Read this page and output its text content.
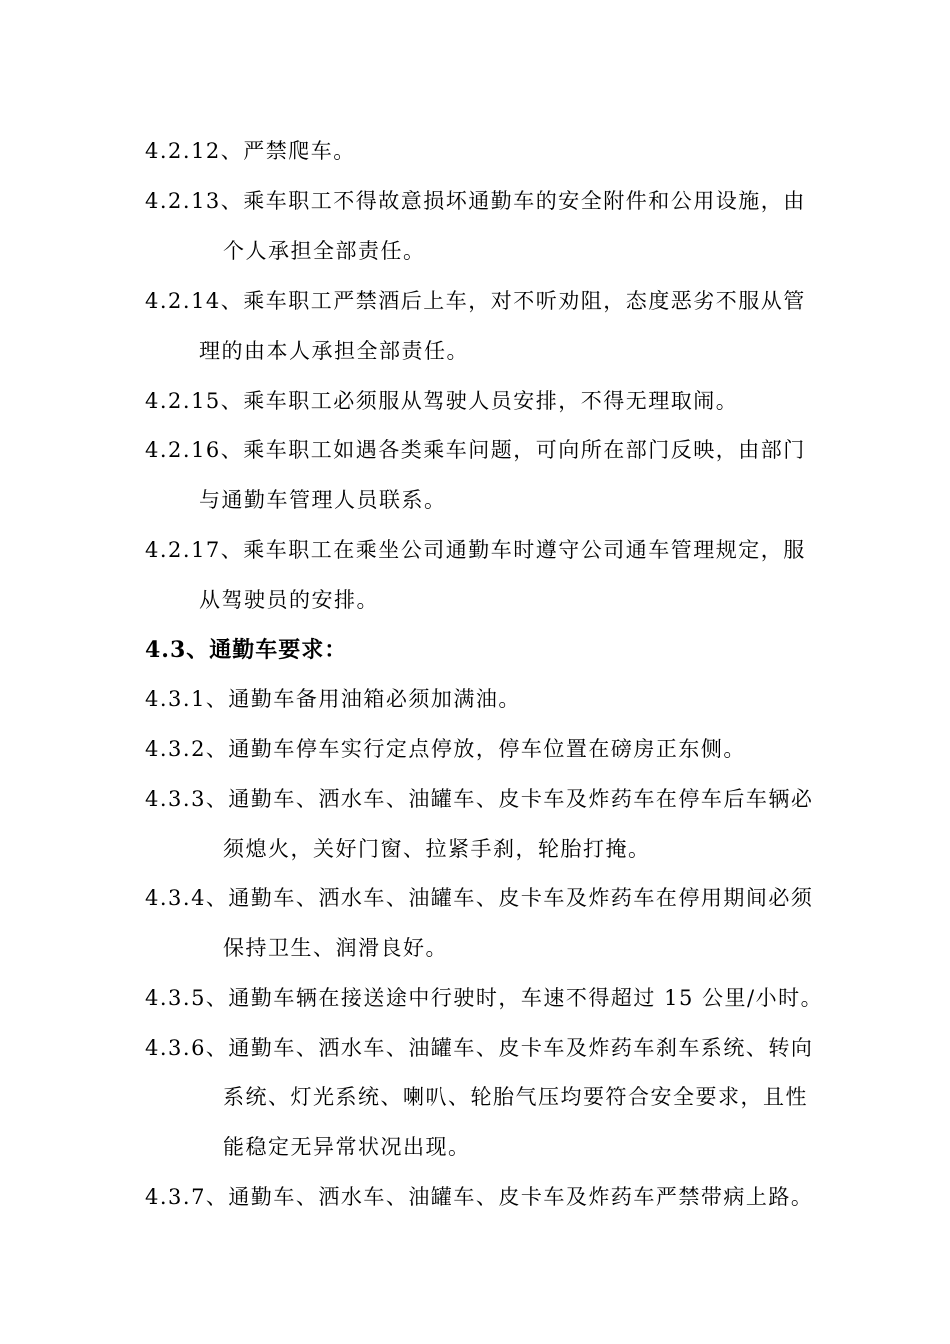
4.2.12、严禁爬车。
4.2.13、乘车职工不得故意损坏通勤车的安全附件和公用设施，由
个人承担全部责任。
4.2.14、乘车职工严禁酒后上车，对不听劝阻，态度恶劣不服从管
理的由本人承担全部责任。
4.2.15、乘车职工必须服从驾驶人员安排，不得无理取闹。
4.2.16、乘车职工如遇各类乘车问题，可向所在部门反映，由部门
与通勤车管理人员联系。
4.2.17、乘车职工在乘坐公司通勤车时遵守公司通车管理规定，服
从驾驶员的安排。
4.3、通勤车要求：
4.3.1、通勤车备用油箱必须加满油。
4.3.2、通勤车停车实行定点停放，停车位置在磅房正东侧。
4.3.3、通勤车、洒水车、油罐车、皮卡车及炸药车在停车后车辆必
须熄火，关好门窗、拉紧手刹，轮胎打掩。
4.3.4、通勤车、洒水车、油罐车、皮卡车及炸药车在停用期间必须
保持卫生、润滑良好。
4.3.5、通勤车辆在接送途中行驶时，车速不得超过 15 公里/小时。
4.3.6、通勤车、洒水车、油罐车、皮卡车及炸药车刹车系统、转向
系统、灯光系统、喇叭、轮胎气压均要符合安全要求，且性
能稳定无异常状况出现。
4.3.7、通勤车、洒水车、油罐车、皮卡车及炸药车严禁带病上路。
